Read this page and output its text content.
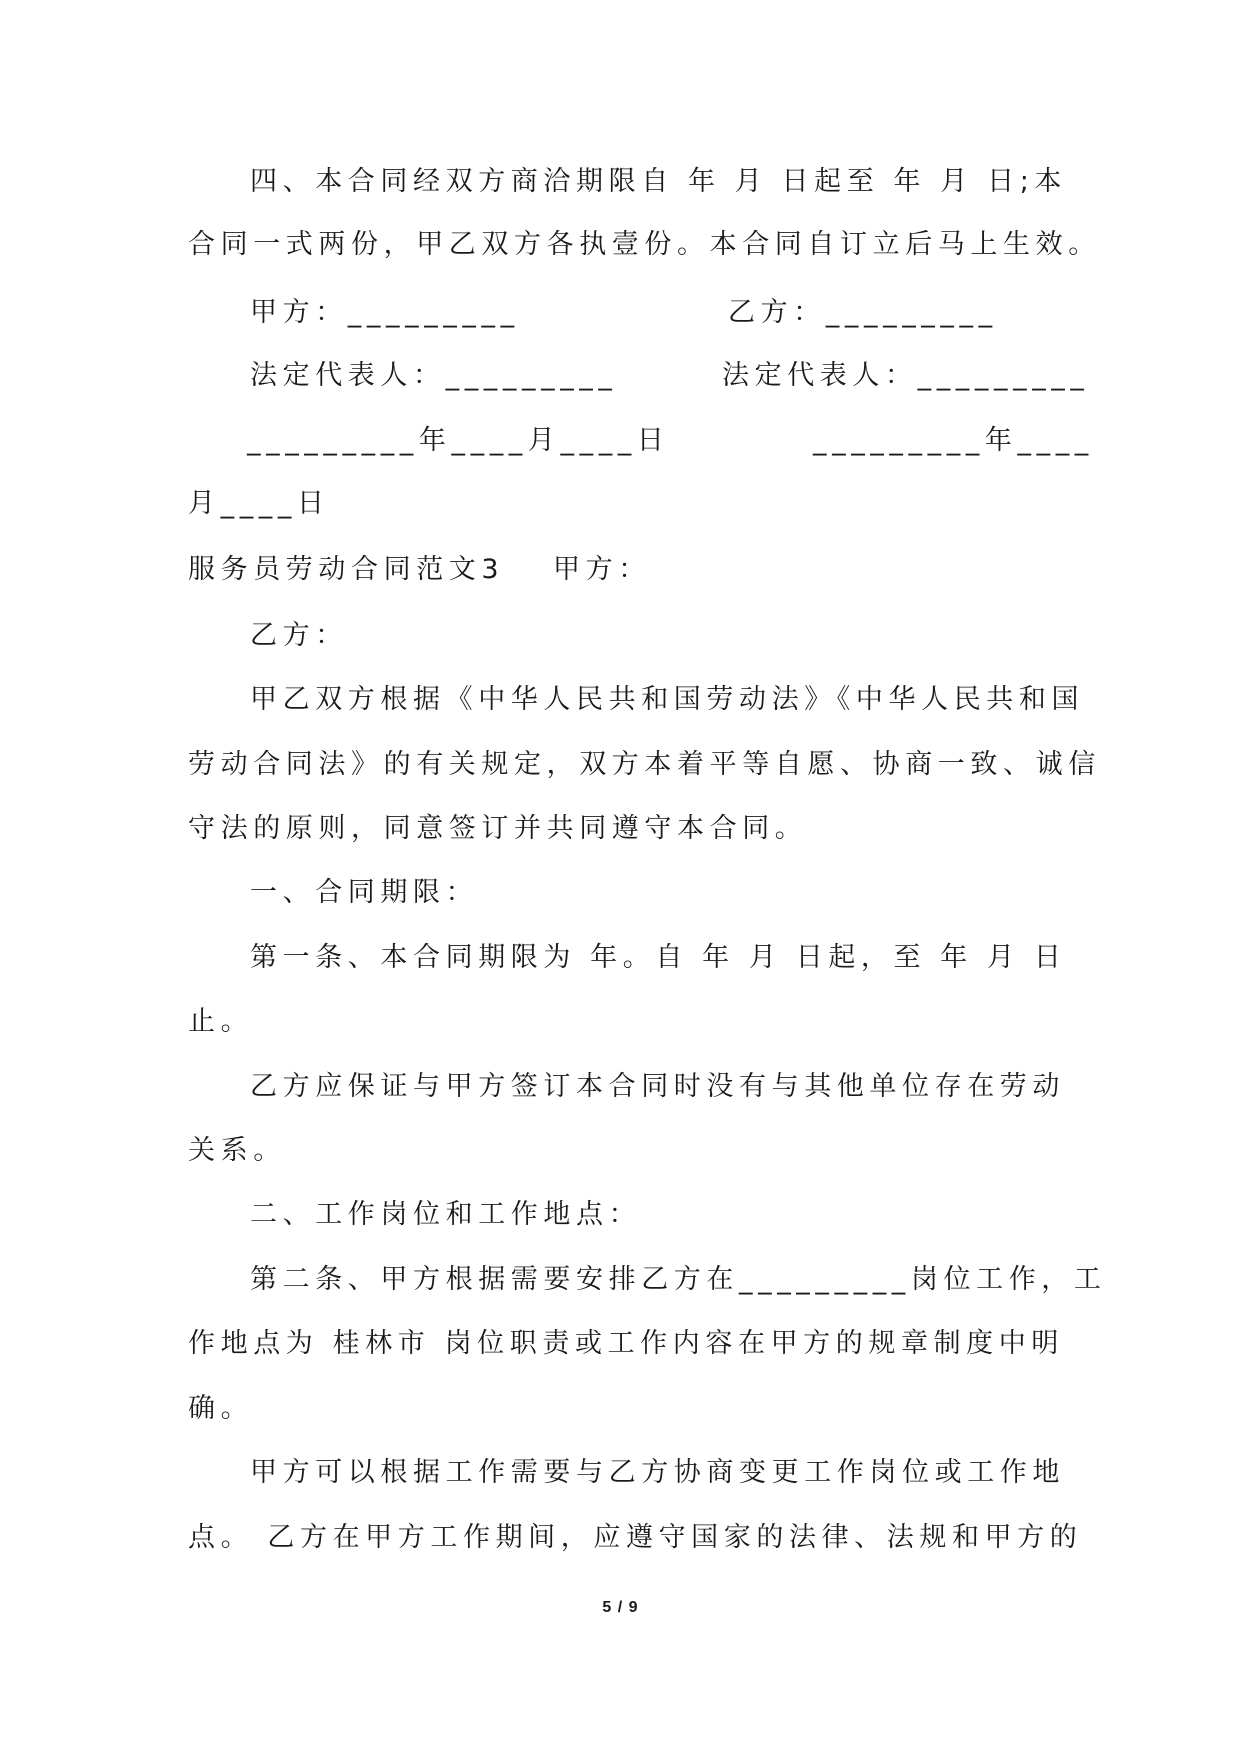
四、本合同经双方商洽期限自 年 月 日起至 年 月 日;本
合同一式两份，甲乙双方各执壹份。本合同自订立后马上生效。
甲方：_________	乙方：_________
法定代表人：_________	法定代表人：_________
_________年____月____日	_________年____
月____日
服务员劳动合同范文3 甲方：
乙方：
甲乙双方根据《中华人民共和国劳动法》《中华人民共和国
劳动合同法》的有关规定，双方本着平等自愿、协商一致、诚信
守法的原则，同意签订并共同遵守本合同。
一、合同期限：
第一条、本合同期限为 年。自 年 月 日起，至 年 月 日
止。
乙方应保证与甲方签订本合同时没有与其他单位存在劳动
关系。
二、工作岗位和工作地点：
第二条、甲方根据需要安排乙方在_________岗位工作，工
作地点为 桂林市 岗位职责或工作内容在甲方的规章制度中明
确。
甲方可以根据工作需要与乙方协商变更工作岗位或工作地
点。 乙方在甲方工作期间，应遵守国家的法律、法规和甲方的
5 / 9
